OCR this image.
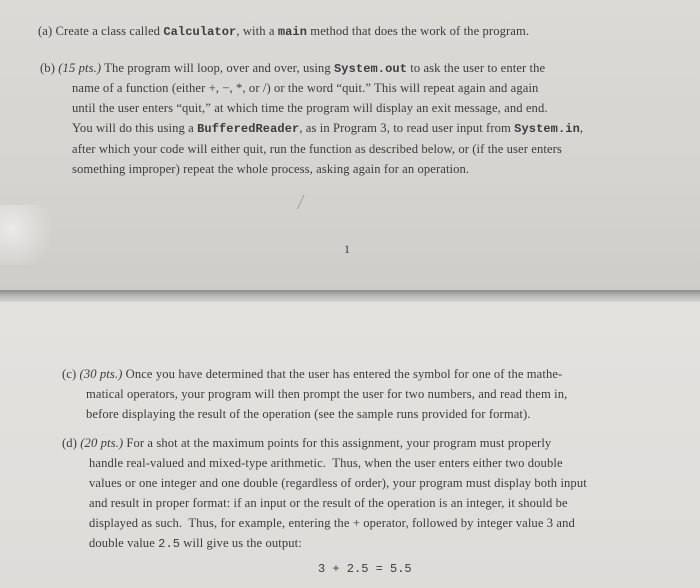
(a) Create a class called Calculator, with a main method that does the work of the program.
(b) (15 pts.) The program will loop, over and over, using System.out to ask the user to enter the
name of a function (either +, −, *, or /) or the word “quit.” This will repeat again and again
until the user enters “quit,” at which time the program will display an exit message, and end.
You will do this using a BufferedReader, as in Program 3, to read user input from System.in,
after which your code will either quit, run the function as described below, or (if the user enters
something improper) repeat the whole process, asking again for an operation.
1
(c) (30 pts.) Once you have determined that the user has entered the symbol for one of the mathe-
matical operators, your program will then prompt the user for two numbers, and read them in,
before displaying the result of the operation (see the sample runs provided for format).
(d) (20 pts.) For a shot at the maximum points for this assignment, your program must properly
handle real-valued and mixed-type arithmetic.  Thus, when the user enters either two double
values or one integer and one double (regardless of order), your program must display both input
and result in proper format: if an input or the result of the operation is an integer, it should be
displayed as such.  Thus, for example, entering the + operator, followed by integer value 3 and
double value 2.5 will give us the output:
3 + 2.5 = 5.5
